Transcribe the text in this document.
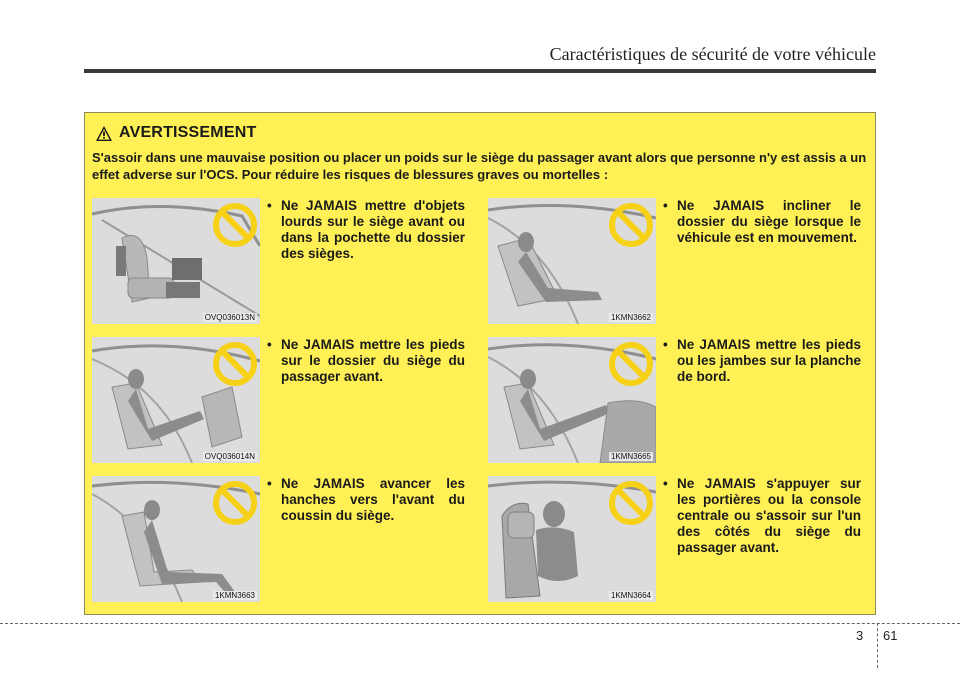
Caractéristiques de sécurité de votre véhicule
AVERTISSEMENT
S'assoir dans une mauvaise position ou placer un poids sur le siège du passager avant alors que personne n'y est assis a un effet adverse sur l'OCS. Pour réduire les risques de blessures graves ou mortelles :
OVQ036013N
• Ne JAMAIS mettre d'objets lourds sur le siège avant ou dans la pochette du dossier des sièges.
1KMN3662
• Ne JAMAIS incliner le dossier du siège lorsque le véhicule est en mouvement.
OVQ036014N
• Ne JAMAIS mettre les pieds sur le dossier du siège du passager avant.
1KMN3665
• Ne JAMAIS mettre les pieds ou les jambes sur la planche de bord.
1KMN3663
• Ne JAMAIS avancer les hanches vers l'avant du coussin du siège.
1KMN3664
• Ne JAMAIS s'appuyer sur les portières ou la console centrale ou s'assoir sur l'un des côtés du siège du passager avant.
3 61
